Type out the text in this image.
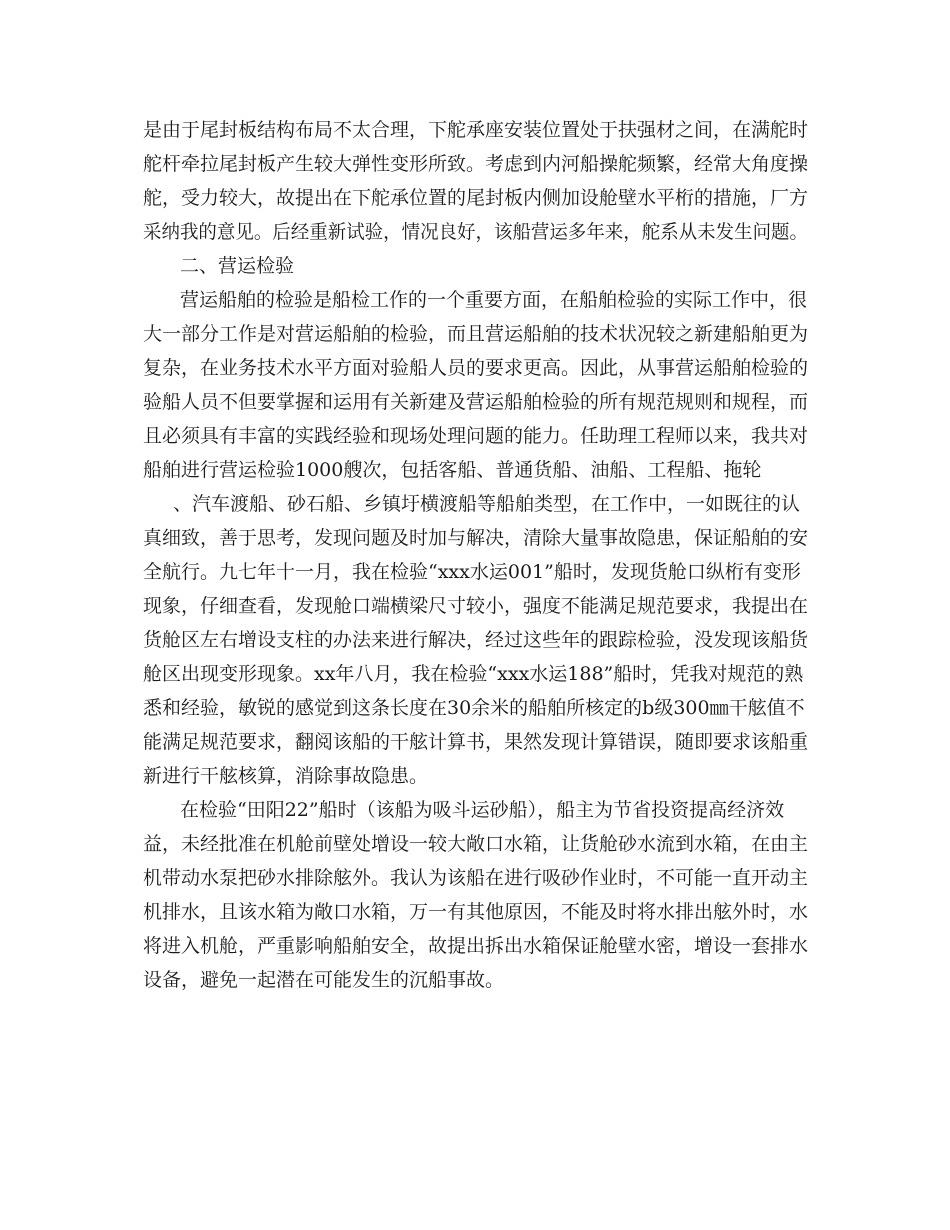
是由于尾封板结构布局不太合理，下舵承座安装位置处于扶强材之间，在满舵时
舵杆牵拉尾封板产生较大弹性变形所致。考虑到内河船操舵频繁，经常大角度操
舵，受力较大，故提出在下舵承位置的尾封板内侧加设舱壁水平桁的措施，厂方
采纳我的意见。后经重新试验，情况良好，该船营运多年来，舵系从未发生问题。
二、营运检验
营运船舶的检验是船检工作的一个重要方面，在船舶检验的实际工作中，很
大一部分工作是对营运船舶的检验，而且营运船舶的技术状况较之新建船舶更为
复杂，在业务技术水平方面对验船人员的要求更高。因此，从事营运船舶检验的
验船人员不但要掌握和运用有关新建及营运船舶检验的所有规范规则和规程，而
且必须具有丰富的实践经验和现场处理问题的能力。任助理工程师以来，我共对
船舶进行营运检验1000艘次，包括客船、普通货船、油船、工程船、拖轮
、汽车渡船、砂石船、乡镇圩横渡船等船舶类型，在工作中，一如既往的认
真细致，善于思考，发现问题及时加与解决，清除大量事故隐患，保证船舶的安
全航行。九七年十一月，我在检验“xxx水运001”船时，发现货舱口纵桁有变形
现象，仔细查看，发现舱口端横梁尺寸较小，强度不能满足规范要求，我提出在
货舱区左右增设支柱的办法来进行解决，经过这些年的跟踪检验，没发现该船货
舱区出现变形现象。xx年八月，我在检验“xxx水运188”船时，凭我对规范的熟
悉和经验，敏锐的感觉到这条长度在30余米的船舶所核定的b级300㎜干舷值不
能满足规范要求，翻阅该船的干舷计算书，果然发现计算错误，随即要求该船重
新进行干舷核算，消除事故隐患。
在检验“田阳22”船时（该船为吸斗运砂船），船主为节省投资提高经济效
益，未经批准在机舱前壁处增设一较大敞口水箱，让货舱砂水流到水箱，在由主
机带动水泵把砂水排除舷外。我认为该船在进行吸砂作业时，不可能一直开动主
机排水，且该水箱为敞口水箱，万一有其他原因，不能及时将水排出舷外时，水
将进入机舱，严重影响船舶安全，故提出拆出水箱保证舱壁水密，增设一套排水
设备，避免一起潜在可能发生的沉船事故。
